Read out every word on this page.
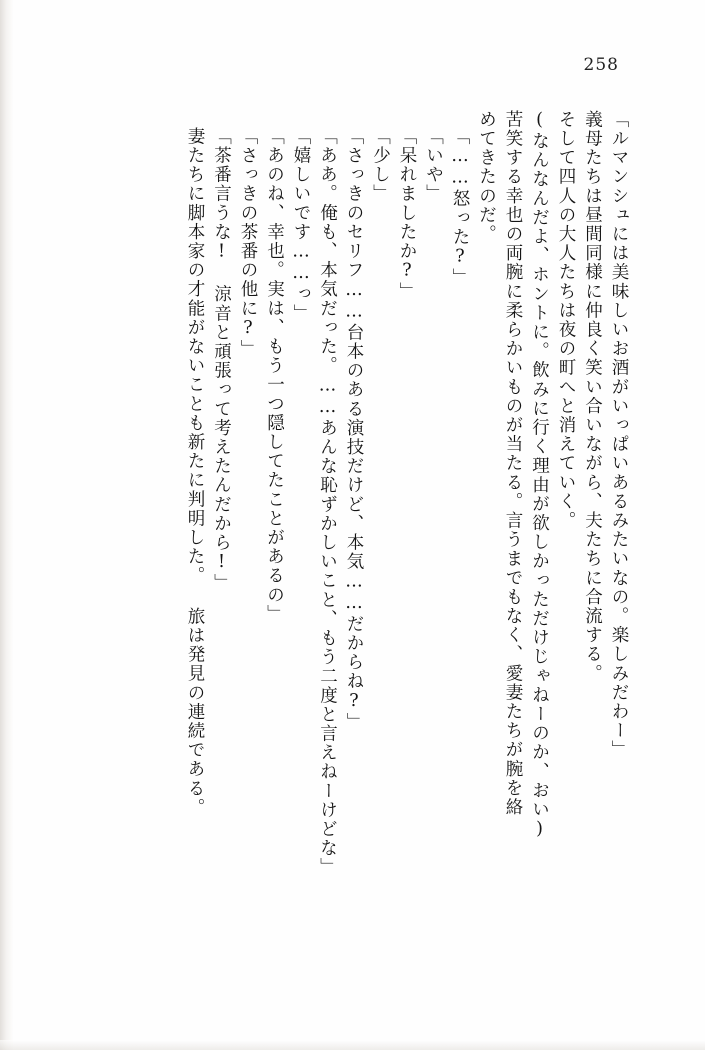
258
「ルマンシュには美味しいお酒がいっぱいあるみたいなの。楽しみだわー」
義母たちは昼間同様に仲良く笑い合いながら、夫たちに合流する。
そして四人の大人たちは夜の町へと消えていく。
(なんなんだよ、ホントに。飲みに行く理由が欲しかっただけじゃねーのか、おい)
苦笑する幸也の両腕に柔らかいものが当たる。言うまでもなく、愛妻たちが腕を絡
めてきたのだ。
「……怒った?」
「いや」
「呆れましたか?」
「少し」
「さっきのセリフ……台本のある演技だけど、本気……だからね?」
「ああ。俺も、本気だった。……あんな恥ずかしいこと、もう二度と言えねーけどな」
「嬉しいです……っ」
「あのね、幸也。実は、もう一つ隠してたことがあるの」
「さっきの茶番の他に?」
「茶番言うな! 涼音と頑張って考えたんだから!」
妻たちに脚本家の才能がないことも新たに判明した。 旅は発見の連続である。
